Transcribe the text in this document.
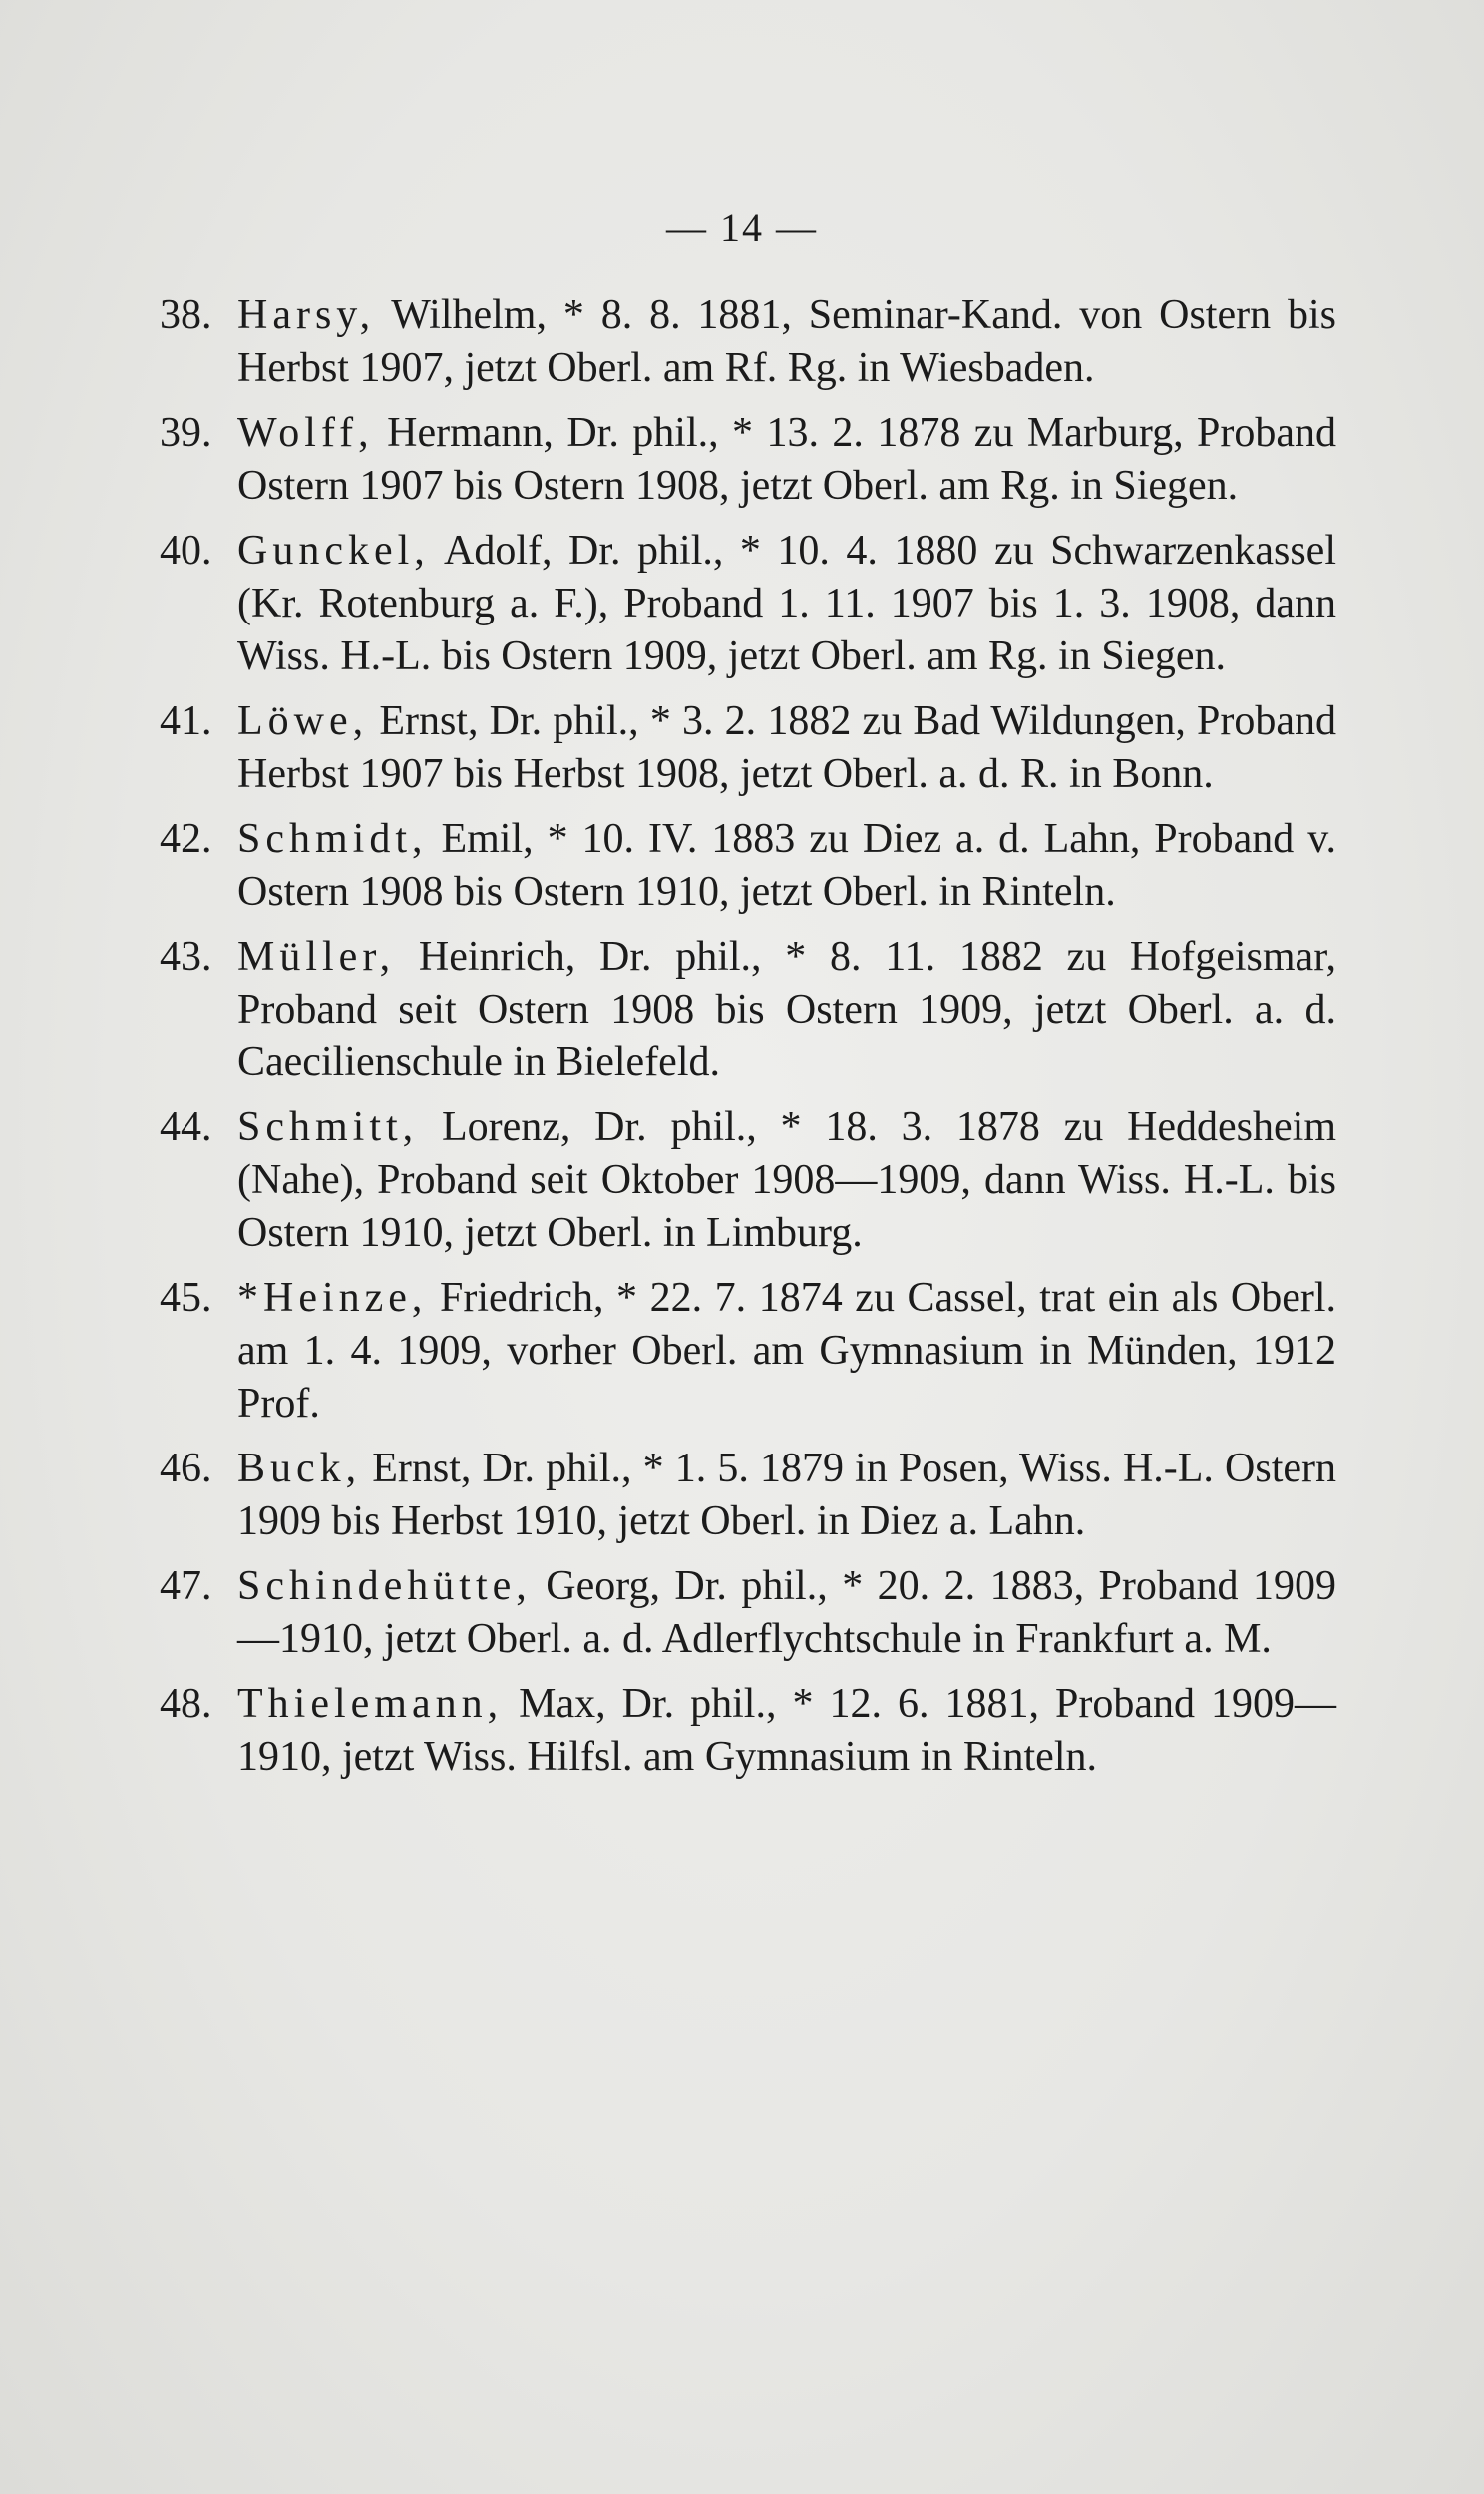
— 14 —
38. Harsy, Wilhelm, * 8. 8. 1881, Seminar-Kand. von Ostern bis Herbst 1907, jetzt Oberl. am Rf. Rg. in Wiesbaden.
39. Wolff, Hermann, Dr. phil., * 13. 2. 1878 zu Marburg, Proband Ostern 1907 bis Ostern 1908, jetzt Oberl. am Rg. in Siegen.
40. Gunckel, Adolf, Dr. phil., * 10. 4. 1880 zu Schwarzenkassel (Kr. Rotenburg a. F.), Proband 1. 11. 1907 bis 1. 3. 1908, dann Wiss. H.-L. bis Ostern 1909, jetzt Oberl. am Rg. in Siegen.
41. Löwe, Ernst, Dr. phil., * 3. 2. 1882 zu Bad Wildungen, Proband Herbst 1907 bis Herbst 1908, jetzt Oberl. a. d. R. in Bonn.
42. Schmidt, Emil, * 10. IV. 1883 zu Diez a. d. Lahn, Proband v. Ostern 1908 bis Ostern 1910, jetzt Oberl. in Rinteln.
43. Müller, Heinrich, Dr. phil., * 8. 11. 1882 zu Hofgeismar, Proband seit Ostern 1908 bis Ostern 1909, jetzt Oberl. a. d. Caecilienschule in Bielefeld.
44. Schmitt, Lorenz, Dr. phil., * 18. 3. 1878 zu Heddesheim (Nahe), Proband seit Oktober 1908—1909, dann Wiss. H.-L. bis Ostern 1910, jetzt Oberl. in Limburg.
45. *Heinze, Friedrich, * 22. 7. 1874 zu Cassel, trat ein als Oberl. am 1. 4. 1909, vorher Oberl. am Gymnasium in Münden, 1912 Prof.
46. Buck, Ernst, Dr. phil., * 1. 5. 1879 in Posen, Wiss. H.-L. Ostern 1909 bis Herbst 1910, jetzt Oberl. in Diez a. Lahn.
47. Schindehütte, Georg, Dr. phil., * 20. 2. 1883, Proband 1909—1910, jetzt Oberl. a. d. Adlerflychtschule in Frankfurt a. M.
48. Thielemann, Max, Dr. phil., * 12. 6. 1881, Proband 1909—1910, jetzt Wiss. Hilfsl. am Gymnasium in Rinteln.
